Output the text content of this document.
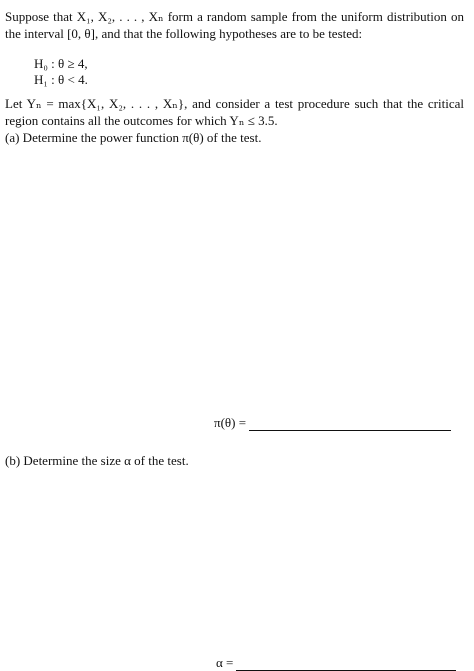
Suppose that X₁, X₂, . . . , Xₙ form a random sample from the uniform distribution on the interval [0, θ], and that the following hypotheses are to be tested:

H₀ : θ ≥ 4,

H₁ : θ < 4.

Let Yₙ = max{X₁, X₂, . . . , Xₙ}, and consider a test procedure such that the critical region contains all the outcomes for which Yₙ ≤ 3.5.

(a) Determine the power function π(θ) of the test.

π(θ) =

(b) Determine the size α of the test.

α =
